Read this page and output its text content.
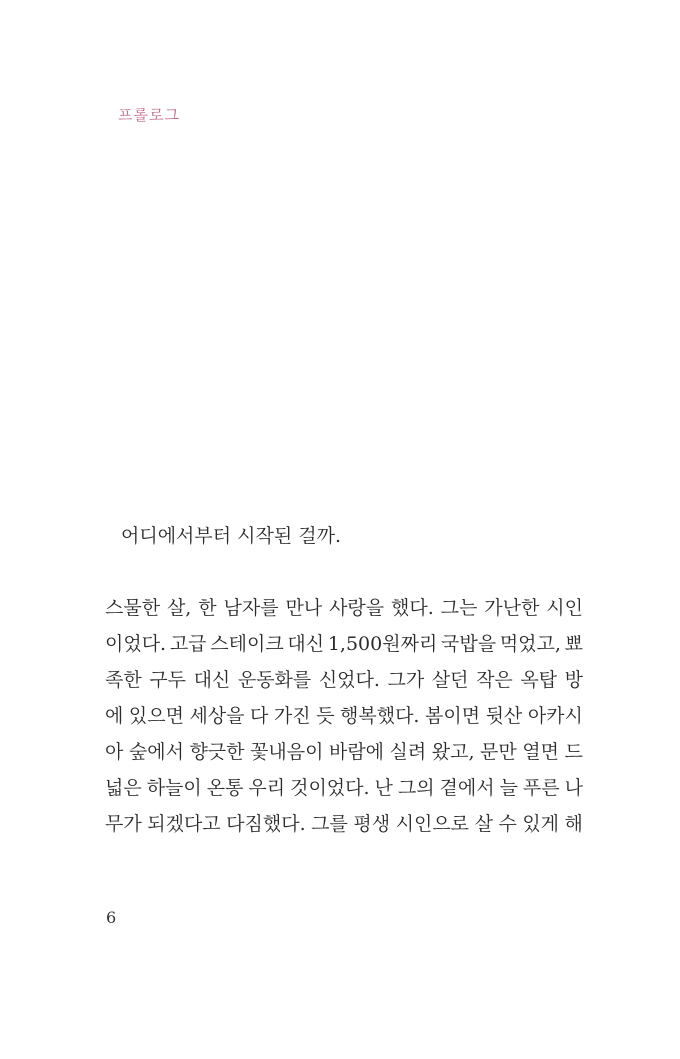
프롤로그
어디에서부터 시작된 걸까.
스물한 살, 한 남자를 만나 사랑을 했다. 그는 가난한 시인
이었다. 고급 스테이크 대신 1,500원짜리 국밥을 먹었고, 뾰
족한 구두 대신 운동화를 신었다. 그가 살던 작은 옥탑 방
에 있으면 세상을 다 가진 듯 행복했다. 봄이면 뒷산 아카시
아 숲에서 향긋한 꽃내음이 바람에 실려 왔고, 문만 열면 드
넓은 하늘이 온통 우리 것이었다. 난 그의 곁에서 늘 푸른 나
무가 되겠다고 다짐했다. 그를 평생 시인으로 살 수 있게 해
6
